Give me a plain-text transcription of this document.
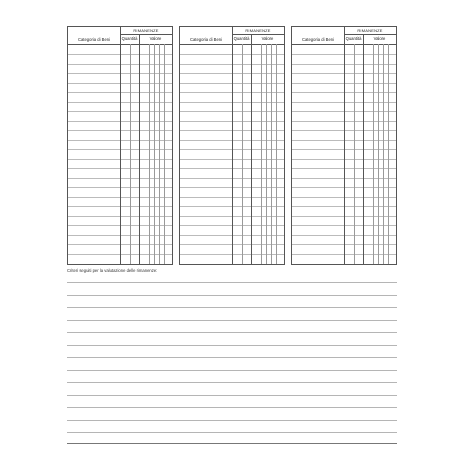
RIMANENZE
Categoria di Beni	Quantità	Valore
RIMANENZE
Categoria di Beni	Quantità	Valore
RIMANENZE
Categoria di Beni	Quantità	Valore
Criteri seguiti per la valutazione delle rimanenze:
